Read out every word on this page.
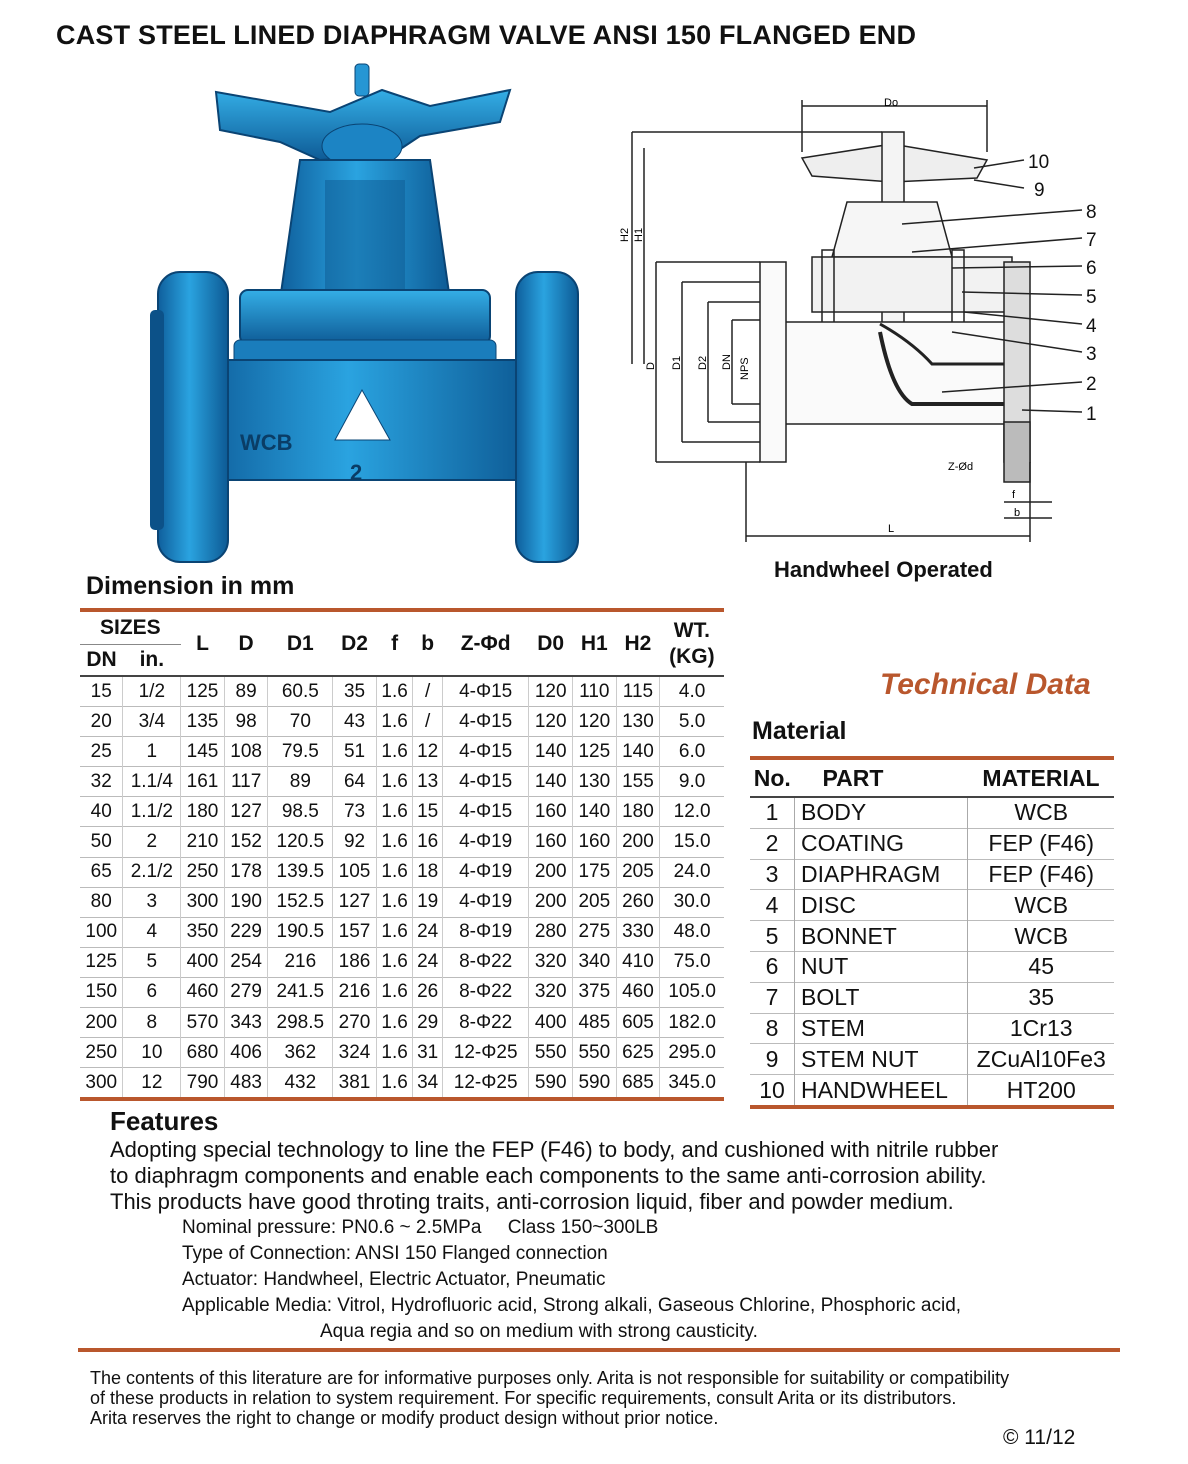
CAST STEEL LINED DIAPHRAGM VALVE ANSI 150 FLANGED END
WCB
2
Do
H2 H1
D D1 D2 DN NPS
Z-Ød
f
b
L
10
9
8
7
6
5
4
3
2
1
Handwheel Operated
Dimension in mm
SIZES		L	D	D1	D2	f	b	Z-Φd	D0	H1	H2	WT.
(KG)
DN	in.											
15	1/2	125	89	60.5	35	1.6	/	4-Φ15	120	110	115	4.0
20	3/4	135	98	70	43	1.6	/	4-Φ15	120	120	130	5.0
25	1	145	108	79.5	51	1.6	12	4-Φ15	140	125	140	6.0
32	1.1/4	161	117	89	64	1.6	13	4-Φ15	140	130	155	9.0
40	1.1/2	180	127	98.5	73	1.6	15	4-Φ15	160	140	180	12.0
50	2	210	152	120.5	92	1.6	16	4-Φ19	160	160	200	15.0
65	2.1/2	250	178	139.5	105	1.6	18	4-Φ19	200	175	205	24.0
80	3	300	190	152.5	127	1.6	19	4-Φ19	200	205	260	30.0
100	4	350	229	190.5	157	1.6	24	8-Φ19	280	275	330	48.0
125	5	400	254	216	186	1.6	24	8-Φ22	320	340	410	75.0
150	6	460	279	241.5	216	1.6	26	8-Φ22	320	375	460	105.0
200	8	570	343	298.5	270	1.6	29	8-Φ22	400	485	605	182.0
250	10	680	406	362	324	1.6	31	12-Φ25	550	550	625	295.0
300	12	790	483	432	381	1.6	34	12-Φ25	590	590	685	345.0
Technical Data
Material
No.	PART	MATERIAL
1	BODY	WCB
2	COATING	FEP (F46)
3	DIAPHRAGM	FEP (F46)
4	DISC	WCB
5	BONNET	WCB
6	NUT	45
7	BOLT	35
8	STEM	1Cr13
9	STEM NUT	ZCuAl10Fe3
10	HANDWHEEL	HT200
Features
Adopting special technology to line the FEP (F46) to body, and cushioned with nitrile rubber
to diaphragm components and enable each components to the same anti-corrosion ability.
This products have good throting traits, anti-corrosion liquid, fiber and powder medium.
Nominal pressure: PN0.6 ~ 2.5MPa     Class 150~300LB
Type of Connection: ANSI 150 Flanged connection
Actuator: Handwheel, Electric Actuator, Pneumatic
Applicable Media: Vitrol, Hydrofluoric acid, Strong alkali, Gaseous Chlorine, Phosphoric acid,
Aqua regia and so on medium with strong causticity.
The contents of this literature are for informative purposes only. Arita is not responsible for suitability or compatibility
of these products in relation to system requirement. For specific requirements, consult Arita or its distributors.
Arita reserves the right to change or modify product design without prior notice.
© 11/12
